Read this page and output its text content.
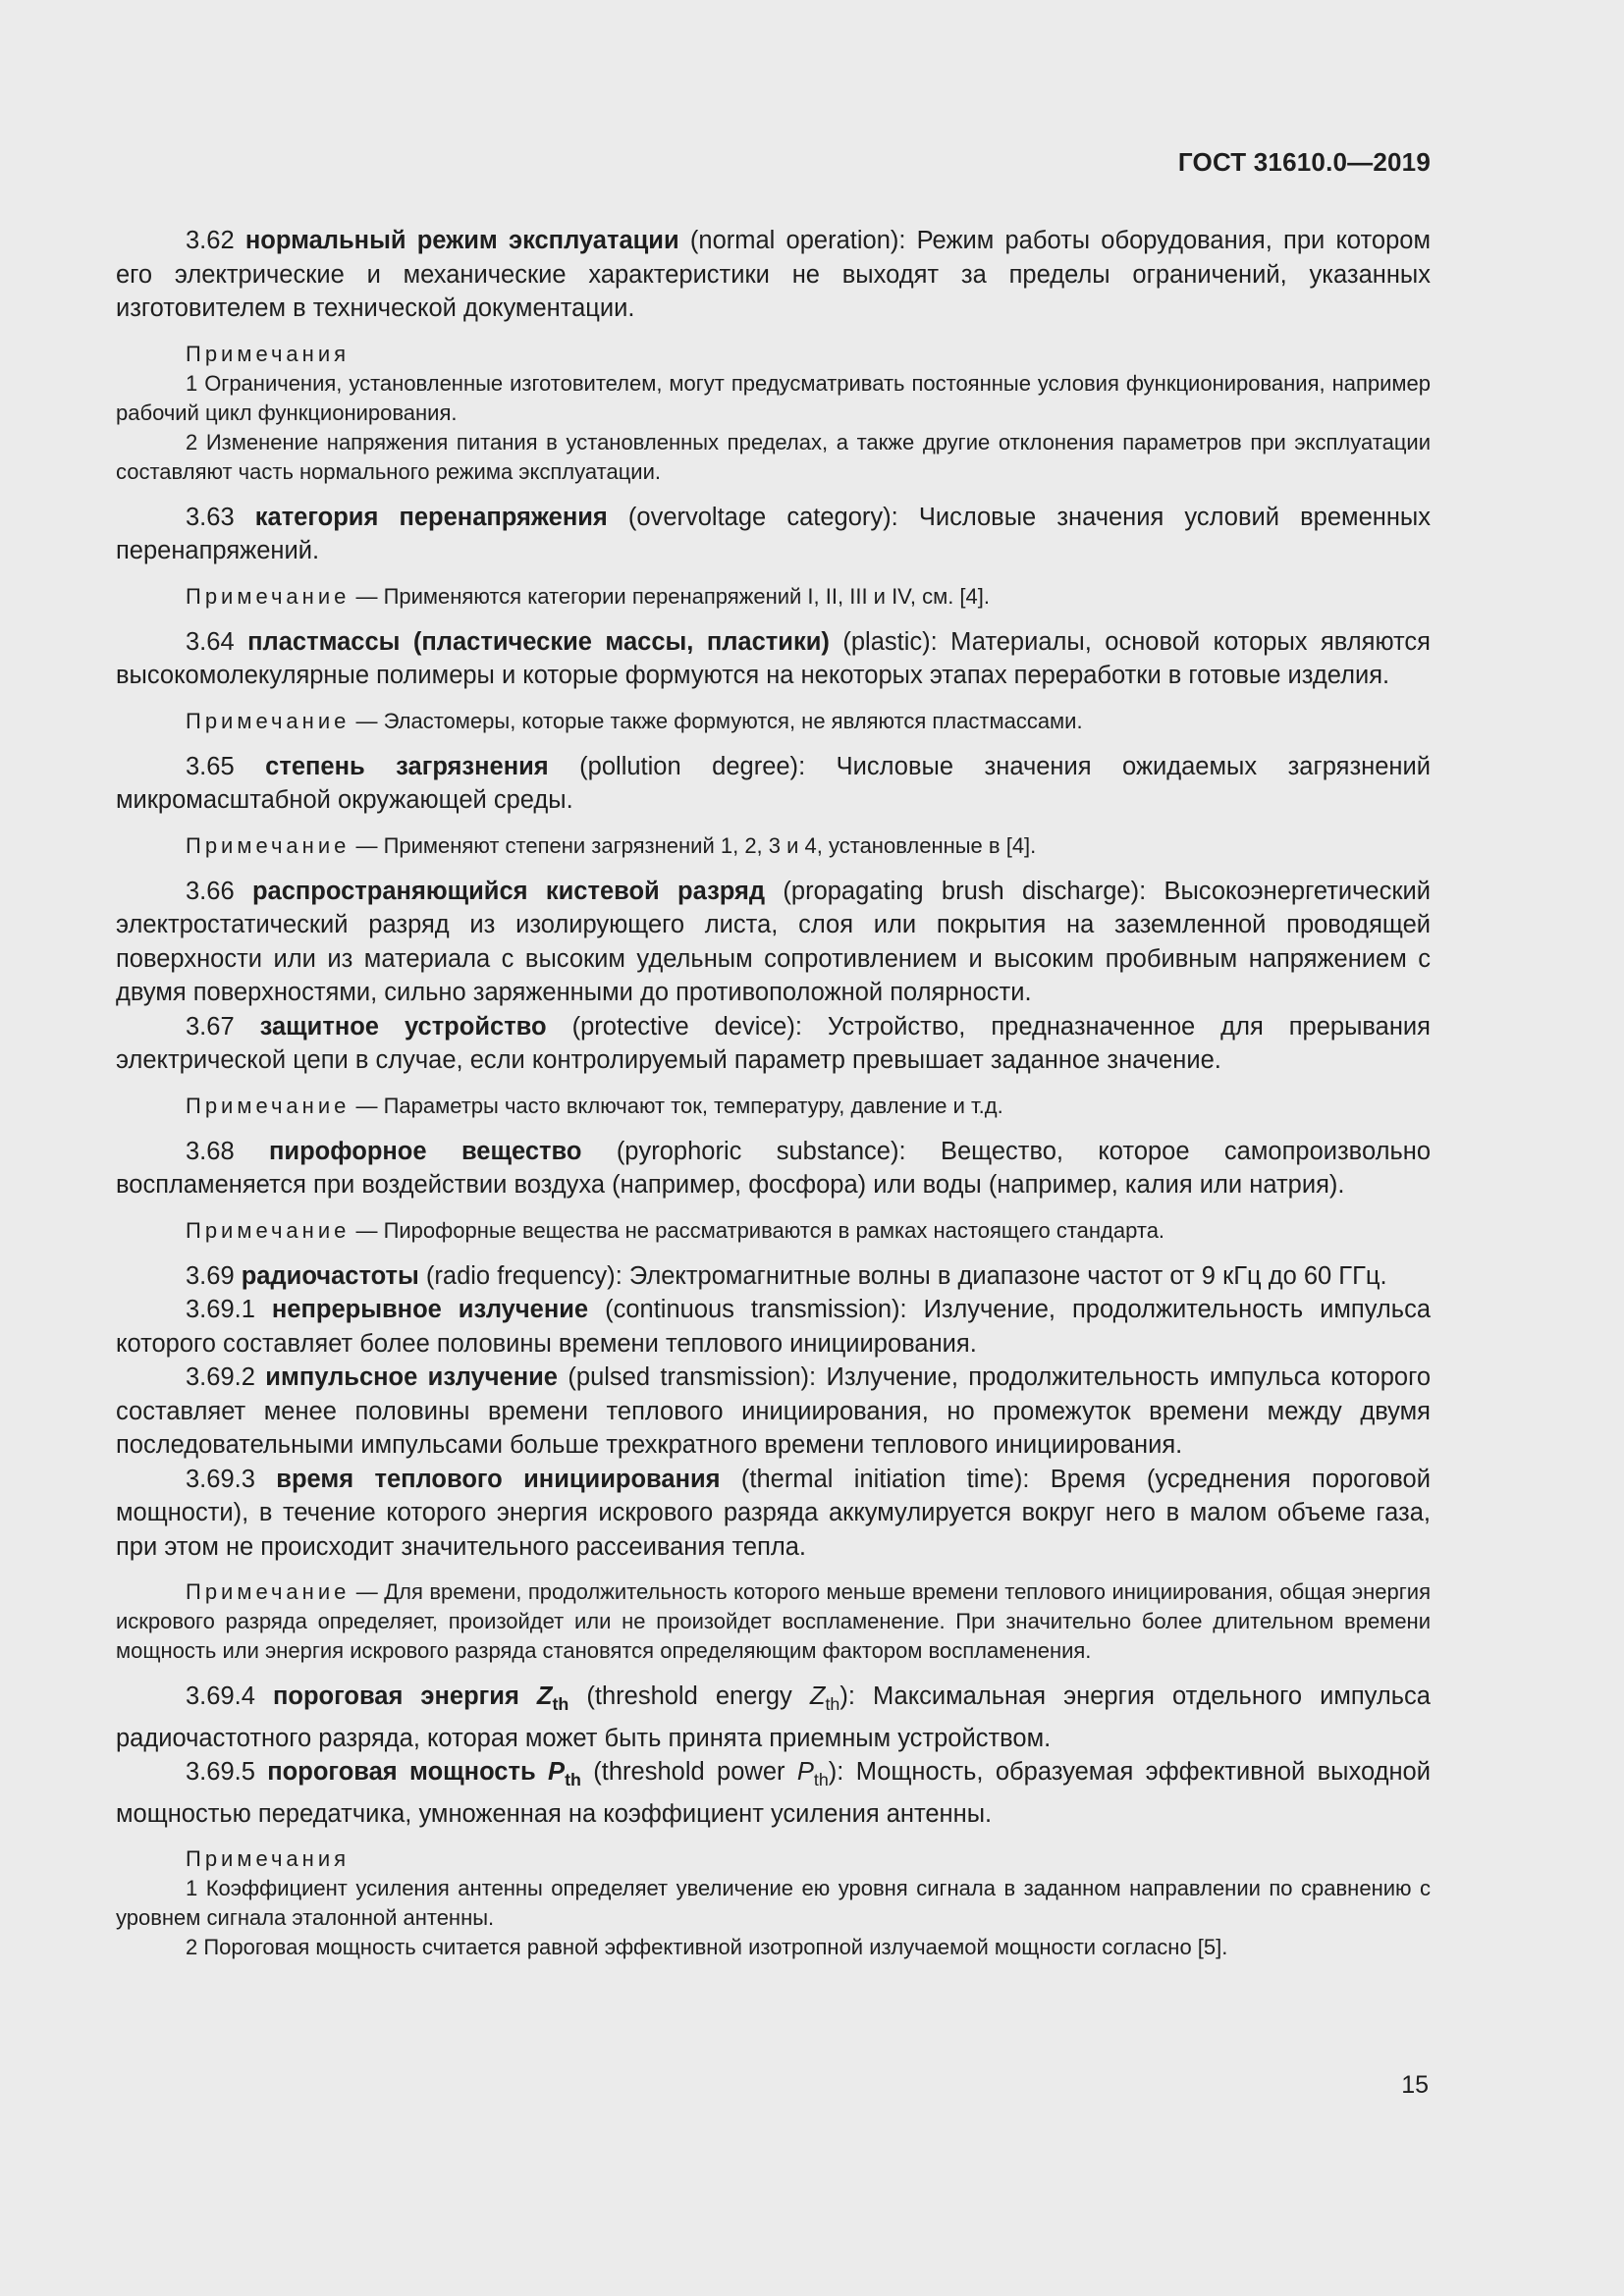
ГОСТ 31610.0—2019

3.62 нормальный режим эксплуатации (normal operation): Режим работы оборудования, при котором его электрические и механические характеристики не выходят за пределы ограничений, указанных изготовителем в технической документации.

Примечания

1 Ограничения, установленные изготовителем, могут предусматривать постоянные условия функционирования, например рабочий цикл функционирования.

2 Изменение напряжения питания в установленных пределах, а также другие отклонения параметров при эксплуатации составляют часть нормального режима эксплуатации.

3.63 категория перенапряжения (overvoltage category): Числовые значения условий временных перенапряжений.

Примечание — Применяются категории перенапряжений I, II, III и IV, см. [4].

3.64 пластмассы (пластические массы, пластики) (plastic): Материалы, основой которых являются высокомолекулярные полимеры и которые формуются на некоторых этапах переработки в готовые изделия.

Примечание — Эластомеры, которые также формуются, не являются пластмассами.

3.65 степень загрязнения (pollution degree): Числовые значения ожидаемых загрязнений микромасштабной окружающей среды.

Примечание — Применяют степени загрязнений 1, 2, 3 и 4, установленные в [4].

3.66 распространяющийся кистевой разряд (propagating brush discharge): Высокоэнергетический электростатический разряд из изолирующего листа, слоя или покрытия на заземленной проводящей поверхности или из материала с высоким удельным сопротивлением и высоким пробивным напряжением с двумя поверхностями, сильно заряженными до противоположной полярности.

3.67 защитное устройство (protective device): Устройство, предназначенное для прерывания электрической цепи в случае, если контролируемый параметр превышает заданное значение.

Примечание — Параметры часто включают ток, температуру, давление и т.д.

3.68 пирофорное вещество (pyrophoric substance): Вещество, которое самопроизвольно воспламеняется при воздействии воздуха (например, фосфора) или воды (например, калия или натрия).

Примечание — Пирофорные вещества не рассматриваются в рамках настоящего стандарта.

3.69 радиочастоты (radio frequency): Электромагнитные волны в диапазоне частот от 9 кГц до 60 ГГц.

3.69.1 непрерывное излучение (continuous transmission): Излучение, продолжительность импульса которого составляет более половины времени теплового инициирования.

3.69.2 импульсное излучение (pulsed transmission): Излучение, продолжительность импульса которого составляет менее половины времени теплового инициирования, но промежуток времени между двумя последовательными импульсами больше трехкратного времени теплового инициирования.

3.69.3 время теплового инициирования (thermal initiation time): Время (усреднения пороговой мощности), в течение которого энергия искрового разряда аккумулируется вокруг него в малом объеме газа, при этом не происходит значительного рассеивания тепла.

Примечание — Для времени, продолжительность которого меньше времени теплового инициирования, общая энергия искрового разряда определяет, произойдет или не произойдет воспламенение. При значительно более длительном времени мощность или энергия искрового разряда становятся определяющим фактором воспламенения.

3.69.4 пороговая энергия $Z_{th}$ (threshold energy $Z_{th}$): Максимальная энергия отдельного импульса радиочастотного разряда, которая может быть принята приемным устройством.

3.69.5 пороговая мощность $P_{th}$ (threshold power $P_{th}$): Мощность, образуемая эффективной выходной мощностью передатчика, умноженная на коэффициент усиления антенны.

Примечания

1 Коэффициент усиления антенны определяет увеличение ею уровня сигнала в заданном направлении по сравнению с уровнем сигнала эталонной антенны.

2 Пороговая мощность считается равной эффективной изотропной излучаемой мощности согласно [5].

15
